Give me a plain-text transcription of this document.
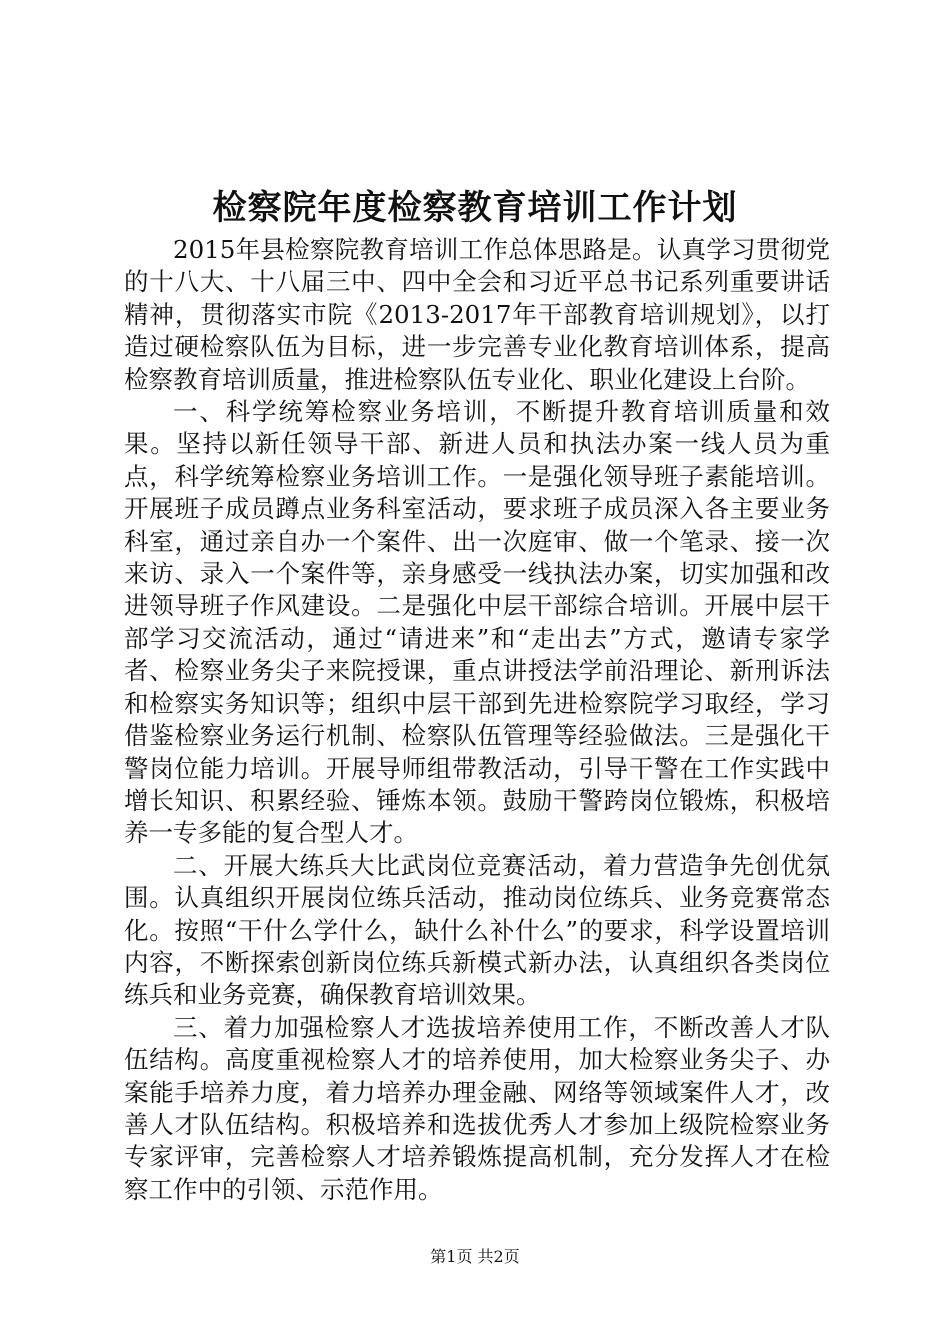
检察院年度检察教育培训工作计划

2015年县检察院教育培训工作总体思路是。认真学习贯彻党的十八大、十八届三中、四中全会和习近平总书记系列重要讲话精神，贯彻落实市院《2013-2017年干部教育培训规划》，以打造过硬检察队伍为目标，进一步完善专业化教育培训体系，提高检察教育培训质量，推进检察队伍专业化、职业化建设上台阶。

一、科学统筹检察业务培训，不断提升教育培训质量和效果。坚持以新任领导干部、新进人员和执法办案一线人员为重点，科学统筹检察业务培训工作。一是强化领导班子素能培训。开展班子成员蹲点业务科室活动，要求班子成员深入各主要业务科室，通过亲自办一个案件、出一次庭审、做一个笔录、接一次来访、录入一个案件等，亲身感受一线执法办案，切实加强和改进领导班子作风建设。二是强化中层干部综合培训。开展中层干部学习交流活动，通过“请进来”和“走出去”方式，邀请专家学者、检察业务尖子来院授课，重点讲授法学前沿理论、新刑诉法和检察实务知识等；组织中层干部到先进检察院学习取经，学习借鉴检察业务运行机制、检察队伍管理等经验做法。三是强化干警岗位能力培训。开展导师组带教活动，引导干警在工作实践中增长知识、积累经验、锤炼本领。鼓励干警跨岗位锻炼，积极培养一专多能的复合型人才。

二、开展大练兵大比武岗位竞赛活动，着力营造争先创优氛围。认真组织开展岗位练兵活动，推动岗位练兵、业务竞赛常态化。按照“干什么学什么，缺什么补什么”的要求，科学设置培训内容，不断探索创新岗位练兵新模式新办法，认真组织各类岗位练兵和业务竞赛，确保教育培训效果。

三、着力加强检察人才选拔培养使用工作，不断改善人才队伍结构。高度重视检察人才的培养使用，加大检察业务尖子、办案能手培养力度，着力培养办理金融、网络等领域案件人才，改善人才队伍结构。积极培养和选拔优秀人才参加上级院检察业务专家评审，完善检察人才培养锻炼提高机制，充分发挥人才在检察工作中的引领、示范作用。

第1页 共2页
